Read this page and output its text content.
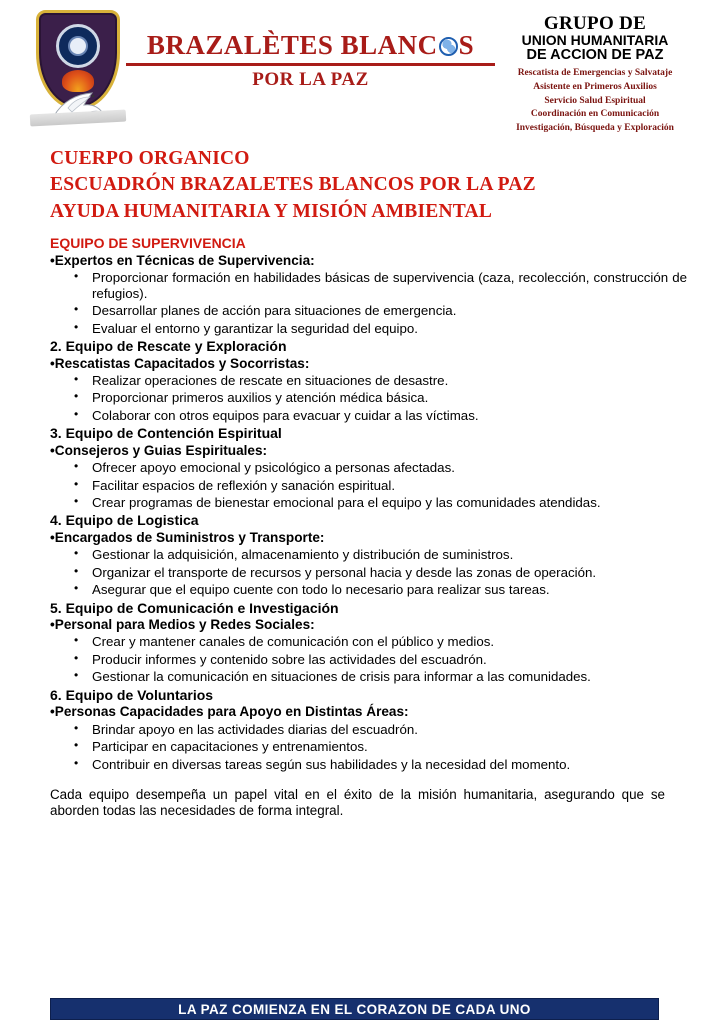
BRAZALÈTES BLANC S
POR LA PAZ
GRUPO DE
UNION HUMANITARIA
DE ACCION DE PAZ
Rescatista de Emergencias y Salvataje
Asistente en Primeros Auxilios
Servicio Salud Espiritual
Coordinación en Comunicación
Investigación, Búsqueda y Exploración
CUERPO ORGANICO
ESCUADRÓN BRAZALETES BLANCOS POR LA PAZ
AYUDA HUMANITARIA Y MISIÓN AMBIENTAL
EQUIPO DE SUPERVIVENCIA
•Expertos en Técnicas de Supervivencia:
• Proporcionar formación en habilidades básicas de supervivencia (caza, recolección, construcción de refugios).
• Desarrollar planes de acción para situaciones de emergencia.
• Evaluar el entorno y garantizar la seguridad del equipo.
2. Equipo de Rescate y Exploración
•Rescatistas Capacitados y Socorristas:
• Realizar operaciones de rescate en situaciones de desastre.
• Proporcionar primeros auxilios y atención médica básica.
• Colaborar con otros equipos para evacuar y cuidar a las víctimas.
3. Equipo de Contención Espiritual
•Consejeros y Guias Espirituales:
• Ofrecer apoyo emocional y psicológico a personas afectadas.
• Facilitar espacios de reflexión y sanación espiritual.
• Crear programas de bienestar emocional para el equipo y las comunidades atendidas.
4. Equipo de Logistica
•Encargados de Suministros y Transporte:
• Gestionar la adquisición, almacenamiento y distribución de suministros.
• Organizar el transporte de recursos y personal hacia y desde las zonas de operación.
• Asegurar que el equipo cuente con todo lo necesario para realizar sus tareas.
5. Equipo de Comunicación e Investigación
•Personal para Medios y Redes Sociales:
• Crear y mantener canales de comunicación con el público y medios.
• Producir informes y contenido sobre las actividades del escuadrón.
• Gestionar la comunicación en situaciones de crisis para informar a las comunidades.
6. Equipo de Voluntarios
•Personas Capacidades para Apoyo en Distintas Áreas:
• Brindar apoyo en las actividades diarias del escuadrón.
• Participar en capacitaciones y entrenamientos.
• Contribuir en diversas tareas según sus habilidades y la necesidad del momento.
Cada equipo desempeña un papel vital en el éxito de la misión humanitaria, asegurando que se aborden todas las necesidades de forma integral.
LA PAZ COMIENZA EN EL CORAZON DE CADA UNO
